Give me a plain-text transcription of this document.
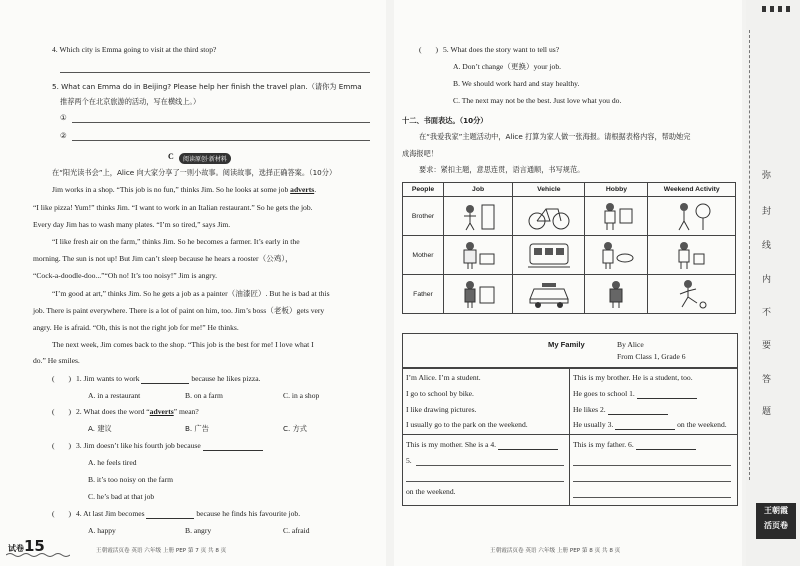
4. Which city is Emma going to visit at the third stop?
5. What can Emma do in Beijing? Please help her finish the travel plan.（请你为 Emma
推荐两个在北京旅游的活动，写在横线上。）
①
②
C	阅读原创·新材料
在“阳光读书会”上，Alice 向大家分享了一则小故事。阅读故事，选择正确答案。（10分）
Jim works in a shop. “This job is no fun,” thinks Jim. So he looks at some job adverts.
“I like pizza! Yum!” thinks Jim. “I want to work in an Italian restaurant.” So he gets the job.
Every day Jim has to wash many plates. “I’m so tired,” says Jim.
“I like fresh air on the farm,” thinks Jim. So he becomes a farmer. It’s early in the
morning. The sun is not up! But Jim can’t sleep because he hears a rooster（公鸡），
“Cock-a-doodle-doo...”“Oh no! It’s too noisy!” Jim is angry.
“I’m good at art,” thinks Jim. So he gets a job as a painter（油漆匠）. But he is bad at this
job. There is paint everywhere. There is a lot of paint on him, too. Jim’s boss（老板）gets very
angry. He is afraid. “Oh, this is not the right job for me!” He thinks.
The next week, Jim comes back to the shop. “This job is the best for me! I love what I
do.” He smiles.
( ) 1. Jim wants to work	because he likes pizza.
A. in a restaurant	B. on a farm	C. in a shop
( ) 2. What does the word “adverts” mean?
A. 建议	B. 广告	C. 方式
( ) 3. Jim doesn’t like his fourth job because
A. he feels tired
B. it’s too noisy on the farm
C. he’s bad at that job
( ) 4. At last Jim becomes	because he finds his favourite job.
A. happy	B. angry	C. afraid
试卷15	王朝霞活页卷 英语 六年级 上册 PEP 第 7 页 共 8 页
( ) 5. What does the story want to tell us?
A. Don’t change（更换）your job.
B. We should work hard and stay healthy.
C. The next may not be the best. Just love what you do.
十二、书面表达。（10分）
在“我爱我家”主题活动中，Alice 打算为家人做一张海报。请根据表格内容，帮助她完
成海报吧！
要求：紧扣主题，意思连贯，语言通顺，书写规范。
People	Job	Vehicle	Hobby	Weekend Activity
Brother	

Mother	

Father	

My Family	By Alice
From Class 1, Grade 6
I’m Alice. I’m a student.
I go to school by bike.
I like drawing pictures.
I usually go to the park on the weekend.
This is my brother. He is a student, too.
He goes to school 1.
He likes 2.
He usually 3.	on the weekend.
This is my mother. She is a 4.
5.
on the weekend.
This is my father. 6.
王朝霞活页卷 英语 六年级 上册 PEP 第 8 页 共 8 页
弥
封
线
内
不
要
答
题
王朝霞
活页卷
